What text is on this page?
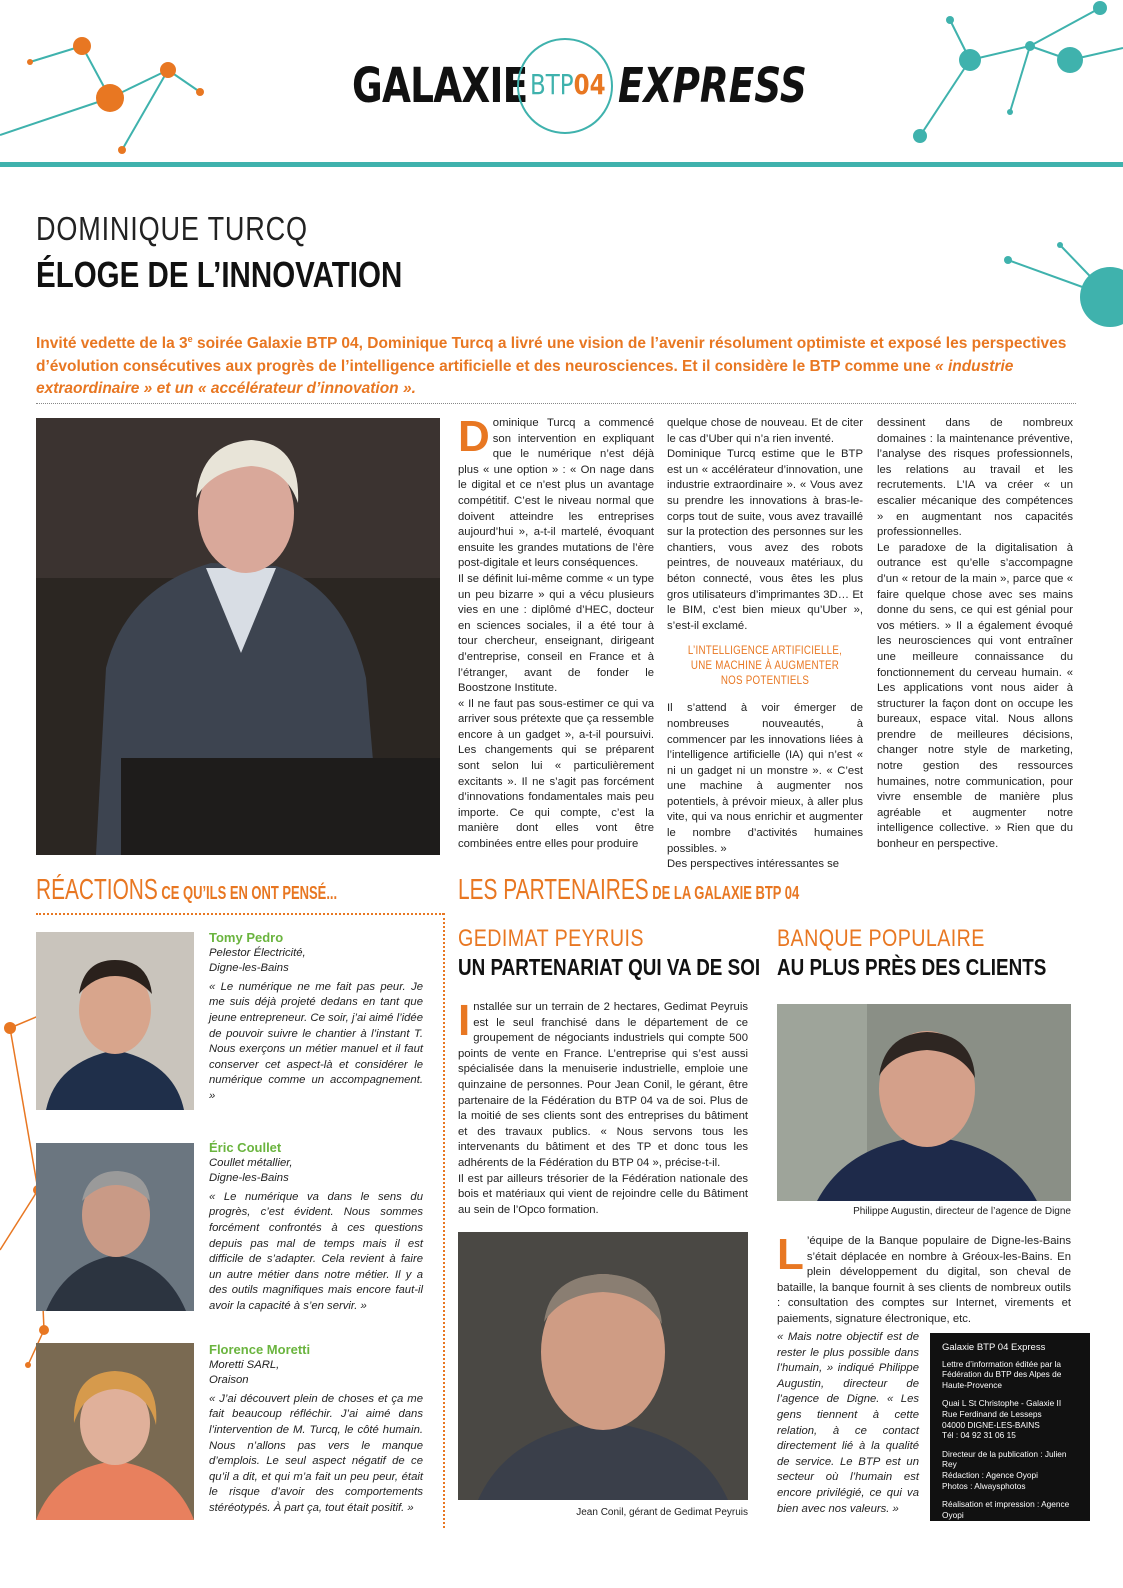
GALAXIE BTP04 EXPRESS
DOMINIQUE TURCQ
ÉLOGE DE L’INNOVATION
Invité vedette de la 3e soirée Galaxie BTP 04, Dominique Turcq a livré une vision de l’avenir résolument optimiste et exposé les perspectives d’évolution consécutives aux progrès de l’intelligence artificielle et des neurosciences. Et il considère le BTP comme une « industrie extraordinaire » et un « accélérateur d’innovation ».
D ominique Turcq a commencé son intervention en expliquant que le numérique n’est déjà plus « une option » : « On nage dans le digital et ce n’est plus un avantage compétitif. C’est le niveau normal que doivent atteindre les entreprises aujourd’hui », a-t-il martelé, évoquant ensuite les grandes mutations de l’ère post-digitale et leurs conséquences.

Il se définit lui-même comme « un type un peu bizarre » qui a vécu plusieurs vies en une : diplômé d’HEC, docteur en sciences sociales, il a été tour à tour chercheur, enseignant, dirigeant d’entreprise, conseil en France et à l’étranger, avant de fonder le Boostzone Institute.

« Il ne faut pas sous-estimer ce qui va arriver sous prétexte que ça ressemble encore à un gadget », a-t-il poursuivi. Les changements qui se préparent sont selon lui « particulièrement excitants ». Il ne s’agit pas forcément d’innovations fondamentales mais peu importe. Ce qui compte, c’est la manière dont elles vont être combinées entre elles pour produire

quelque chose de nouveau. Et de citer le cas d’Uber qui n’a rien inventé.

Dominique Turcq estime que le BTP est un « accélérateur d’innovation, une industrie extraordinaire ». « Vous avez su prendre les innovations à bras-le-corps tout de suite, vous avez travaillé sur la protection des personnes sur les chantiers, vous avez des robots peintres, de nouveaux matériaux, du béton connecté, vous êtes les plus gros utilisateurs d’imprimantes 3D… Et le BIM, c’est bien mieux qu’Uber », s’est-il exclamé.

L’INTELLIGENCE ARTIFICIELLE, UNE MACHINE À AUGMENTER NOS POTENTIELS

Il s’attend à voir émerger de nombreuses nouveautés, à commencer par les innovations liées à l’intelligence artificielle (IA) qui n’est « ni un gadget ni un monstre ». « C’est une machine à augmenter nos potentiels, à prévoir mieux, à aller plus vite, qui va nous enrichir et augmenter le nombre d’activités humaines possibles. »

Des perspectives intéressantes se

dessinent dans de nombreux domaines : la maintenance préventive, l’analyse des risques professionnels, les relations au travail et les recrutements. L’IA va créer « un escalier mécanique des compétences » en augmentant nos capacités professionnelles.

Le paradoxe de la digitalisation à outrance est qu’elle s’accompagne d’un « retour de la main », parce que « faire quelque chose avec ses mains donne du sens, ce qui est génial pour vos métiers. » Il a également évoqué les neurosciences qui vont entraîner une meilleure connaissance du fonctionnement du cerveau humain. « Les applications vont nous aider à structurer la façon dont on occupe les bureaux, espace vital. Nous allons prendre de meilleures décisions, changer notre style de marketing, notre gestion des ressources humaines, notre communication, pour vivre ensemble de manière plus agréable et augmenter notre intelligence collective. » Rien que du bonheur en perspective.

RÉACTIONS CE QU’ILS EN ONT PENSÉ...
Tomy Pedro
Pelestor Électricité,
Digne-les-Bains
« Le numérique ne me fait pas peur. Je me suis déjà projeté dedans en tant que jeune entrepreneur. Ce soir, j’ai aimé l’idée de pouvoir suivre le chantier à l’instant T. Nous exerçons un métier manuel et il faut conserver cet aspect-là et considérer le numérique comme un accompagnement. »
Éric Coullet
Coullet métallier,
Digne-les-Bains
« Le numérique va dans le sens du progrès, c’est évident. Nous sommes forcément confrontés à ces questions depuis pas mal de temps mais il est difficile de s’adapter. Cela revient à faire un autre métier dans notre métier. Il y a des outils magnifiques mais encore faut-il avoir la capacité à s’en servir. »
Florence Moretti
Moretti SARL,
Oraison
« J’ai découvert plein de choses et ça me fait beaucoup réfléchir. J’ai aimé dans l’intervention de M. Turcq, le côté humain. Nous n’allons pas vers le manque d’emplois. Le seul aspect négatif de ce qu’il a dit, et qui m’a fait un peu peur, était le risque d’avoir des comportements stéréotypés. À part ça, tout était positif. »
LES PARTENAIRES DE LA GALAXIE BTP 04
GEDIMAT PEYRUIS
UN PARTENARIAT QUI VA DE SOI
I nstallée sur un terrain de 2 hectares, Gedimat Peyruis est le seul franchisé dans le département de ce groupement de négociants industriels qui compte 500 points de vente en France. L’entreprise qui s’est aussi spécialisée dans la menuiserie industrielle, emploie une quinzaine de personnes. Pour Jean Conil, le gérant, être partenaire de la Fédération du BTP 04 va de soi. Plus de la moitié de ses clients sont des entreprises du bâtiment et des travaux publics. « Nous servons tous les intervenants du bâtiment et des TP et donc tous les adhérents de la Fédération du BTP 04 », précise-t-il.

Il est par ailleurs trésorier de la Fédération nationale des bois et matériaux qui vient de rejoindre celle du Bâtiment au sein de l’Opco formation.

Jean Conil, gérant de Gedimat Peyruis
BANQUE POPULAIRE
AU PLUS PRÈS DES CLIENTS
Philippe Augustin, directeur de l’agence de Digne
L ’équipe de la Banque populaire de Digne-les-Bains s’était déplacée en nombre à Gréoux-les-Bains. En plein développement du digital, son cheval de bataille, la banque fournit à ses clients de nombreux outils : consultation des comptes sur Internet, virements et paiements, signature électronique, etc.

« Mais notre objectif est de rester le plus possible dans l’humain, » indiqué Philippe Augustin, directeur de l’agence de Digne. « Les gens tiennent à cette relation, à ce contact directement lié à la qualité de service. Le BTP est un secteur où l’humain est encore privilégié, ce qui va bien avec nos valeurs. »

Galaxie BTP 04 Express

Lettre d’information éditée par la Fédération du BTP des Alpes de Haute-Provence

Quai L St Christophe - Galaxie II
Rue Ferdinand de Lesseps
04000 DIGNE-LES-BAINS

Tél : 04 92 31 06 15

Directeur de la publication : Julien Rey
Rédaction : Agence Oyopi

Photos : Alwaysphotos

Réalisation et impression : Agence Oyopi
www.oyopi.com
